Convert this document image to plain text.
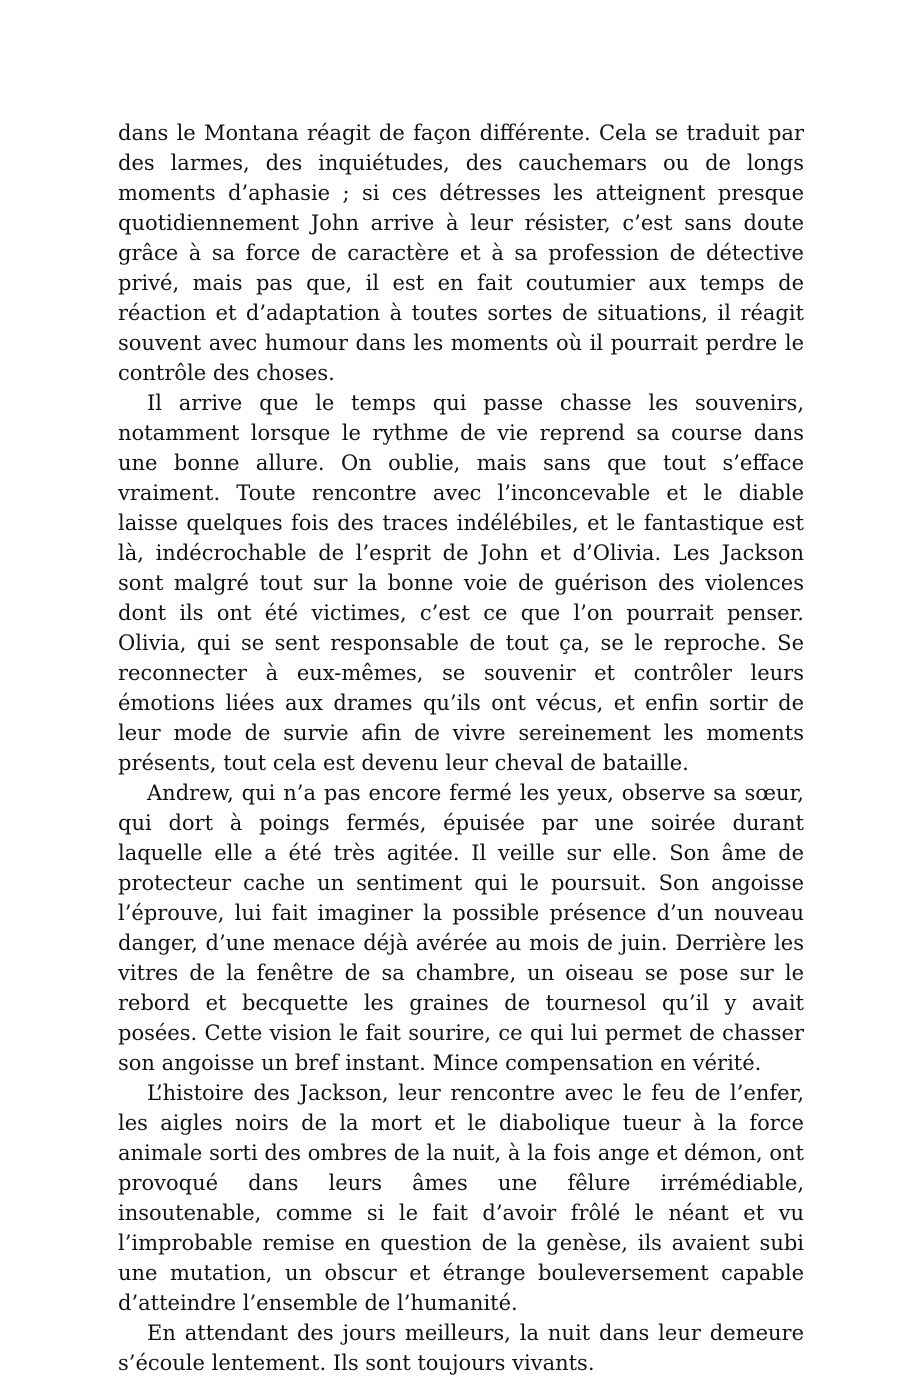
dans le Montana réagit de façon différente. Cela se traduit par des larmes, des inquiétudes, des cauchemars ou de longs moments d’aphasie ; si ces détresses les atteignent presque quotidiennement John arrive à leur résister, c’est sans doute grâce à sa force de caractère et à sa profession de détective privé, mais pas que, il est en fait coutumier aux temps de réaction et d’adaptation à toutes sortes de situations, il réagit souvent avec humour dans les moments où il pourrait perdre le contrôle des choses.

Il arrive que le temps qui passe chasse les souvenirs, notamment lorsque le rythme de vie reprend sa course dans une bonne allure. On oublie, mais sans que tout s’efface vraiment. Toute rencontre avec l’inconcevable et le diable laisse quelques fois des traces indélébiles, et le fantastique est là, indécrochable de l’esprit de John et d’Olivia. Les Jackson sont malgré tout sur la bonne voie de guérison des violences dont ils ont été victimes, c’est ce que l’on pourrait penser. Olivia, qui se sent responsable de tout ça, se le reproche. Se reconnecter à eux-mêmes, se souvenir et contrôler leurs émotions liées aux drames qu’ils ont vécus, et enfin sortir de leur mode de survie afin de vivre sereinement les moments présents, tout cela est devenu leur cheval de bataille.

Andrew, qui n’a pas encore fermé les yeux, observe sa sœur, qui dort à poings fermés, épuisée par une soirée durant laquelle elle a été très agitée. Il veille sur elle. Son âme de protecteur cache un sentiment qui le poursuit. Son angoisse l’éprouve, lui fait imaginer la possible présence d’un nouveau danger, d’une menace déjà avérée au mois de juin. Derrière les vitres de la fenêtre de sa chambre, un oiseau se pose sur le rebord et becquette les graines de tournesol qu’il y avait posées. Cette vision le fait sourire, ce qui lui permet de chasser son angoisse un bref instant. Mince compensation en vérité.

L’histoire des Jackson, leur rencontre avec le feu de l’enfer, les aigles noirs de la mort et le diabolique tueur à la force animale sorti des ombres de la nuit, à la fois ange et démon, ont provoqué dans leurs âmes une fêlure irrémédiable, insoutenable, comme si le fait d’avoir frôlé le néant et vu l’improbable remise en question de la genèse, ils avaient subi une mutation, un obscur et étrange bouleversement capable d’atteindre l’ensemble de l’humanité.

En attendant des jours meilleurs, la nuit dans leur demeure s’écoule lentement. Ils sont toujours vivants.
